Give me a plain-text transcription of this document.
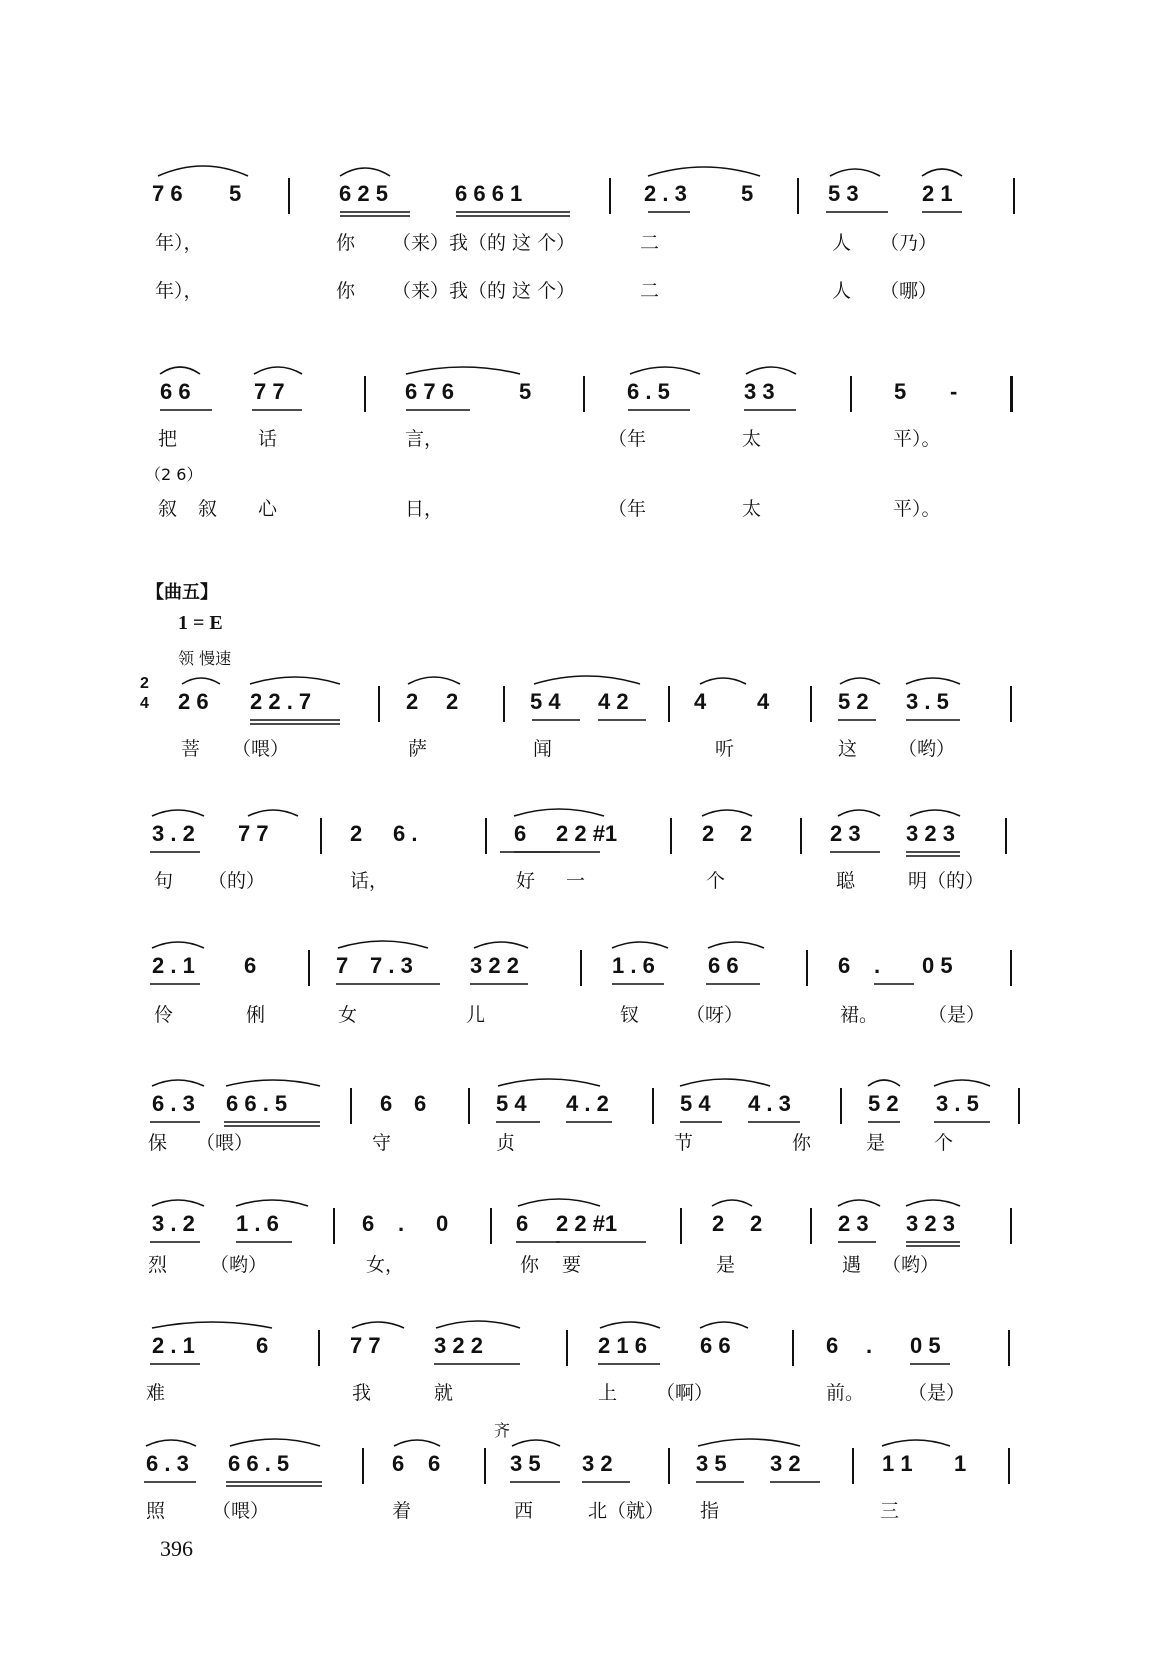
7 6 5	6 2 5	6 6 6 1	2 . 3 5	5 3	2 1
年），	你 （来）我（的 这 个）	二	人 （乃）
年），	你 （来）我（的 这 个）	二	人 （哪）
6 6	7 7	6 7 6	5	6 . 5	3 3	5 -
把	话	言，	（年	太	平）。
（2 6）
叙 叙 心	日，	（年	太	平）。
【曲五】
1 = E
领 慢速
2
4 2 6 2 2 . 7	2 2	5 4 4 2	4 4	5 2 3 . 5
菩 （喂）	萨	闻	听	这 （哟）
3 . 2 7 7	2 6 .	6 2 2 #1	2 2	2 3 3 2 3
句 （的）	话，	好 一	个	聪	明（的）
2 . 1 6	7 7 . 3	3 2 2	1 . 6 6 6	6 . 0 5
伶	俐	女	儿	钗 （呀）	裙。	（是）
6 . 3 6 6 . 5	6 6	5 4 4 . 2	5 4 4 . 3	5 2 3 . 5
保 （喂）	守	贞	节	你	是	个
3 . 2 1 . 6	6 . 0	6 2 2 #1	2 2	2 3 3 2 3
烈 （哟）	女，	你 要	是	遇 （哟）
2 . 1	6	7 7 3 2 2	2 1 6 6 6	6 . 0 5
难	我	就	上 （啊）	前。 （是）
齐
6 . 3 6 6 . 5	6 6	3 5 3 2	3 5 3 2	1 1 1
照 （喂）	着	西	北（就） 指	三
396
